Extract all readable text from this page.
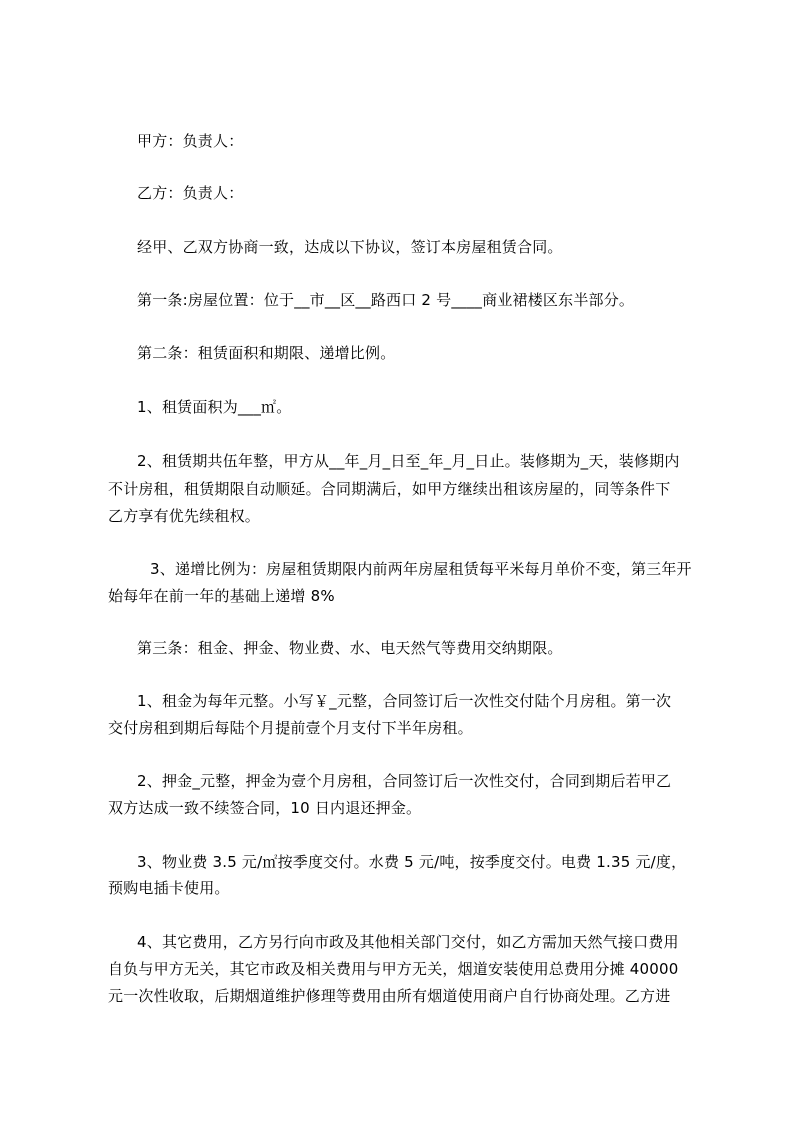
甲方：负责人：
乙方：负责人：
经甲、乙双方协商一致，达成以下协议，签订本房屋租赁合同。
第一条:房屋位置：位于__市__区__路西口 2 号____商业裙楼区东半部分。
第二条：租赁面积和期限、递增比例。
1、租赁面积为___㎡。
2、租赁期共伍年整，甲方从__年_月_日至_年_月_日止。装修期为_天，装修期内
不计房租，租赁期限自动顺延。合同期满后，如甲方继续出租该房屋的，同等条件下
乙方享有优先续租权。
3、递增比例为：房屋租赁期限内前两年房屋租赁每平米每月单价不变，第三年开
始每年在前一年的基础上递增 8%
第三条：租金、押金、物业费、水、电天然气等费用交纳期限。
1、租金为每年元整。小写￥_元整，合同签订后一次性交付陆个月房租。第一次
交付房租到期后每陆个月提前壹个月支付下半年房租。
2、押金_元整，押金为壹个月房租，合同签订后一次性交付，合同到期后若甲乙
双方达成一致不续签合同，10 日内退还押金。
3、物业费 3.5 元/㎡按季度交付。水费 5 元/吨，按季度交付。电费 1.35 元/度，
预购电插卡使用。
4、其它费用，乙方另行向市政及其他相关部门交付，如乙方需加天然气接口费用
自负与甲方无关，其它市政及相关费用与甲方无关，烟道安装使用总费用分摊 40000
元一次性收取，后期烟道维护修理等费用由所有烟道使用商户自行协商处理。乙方进
